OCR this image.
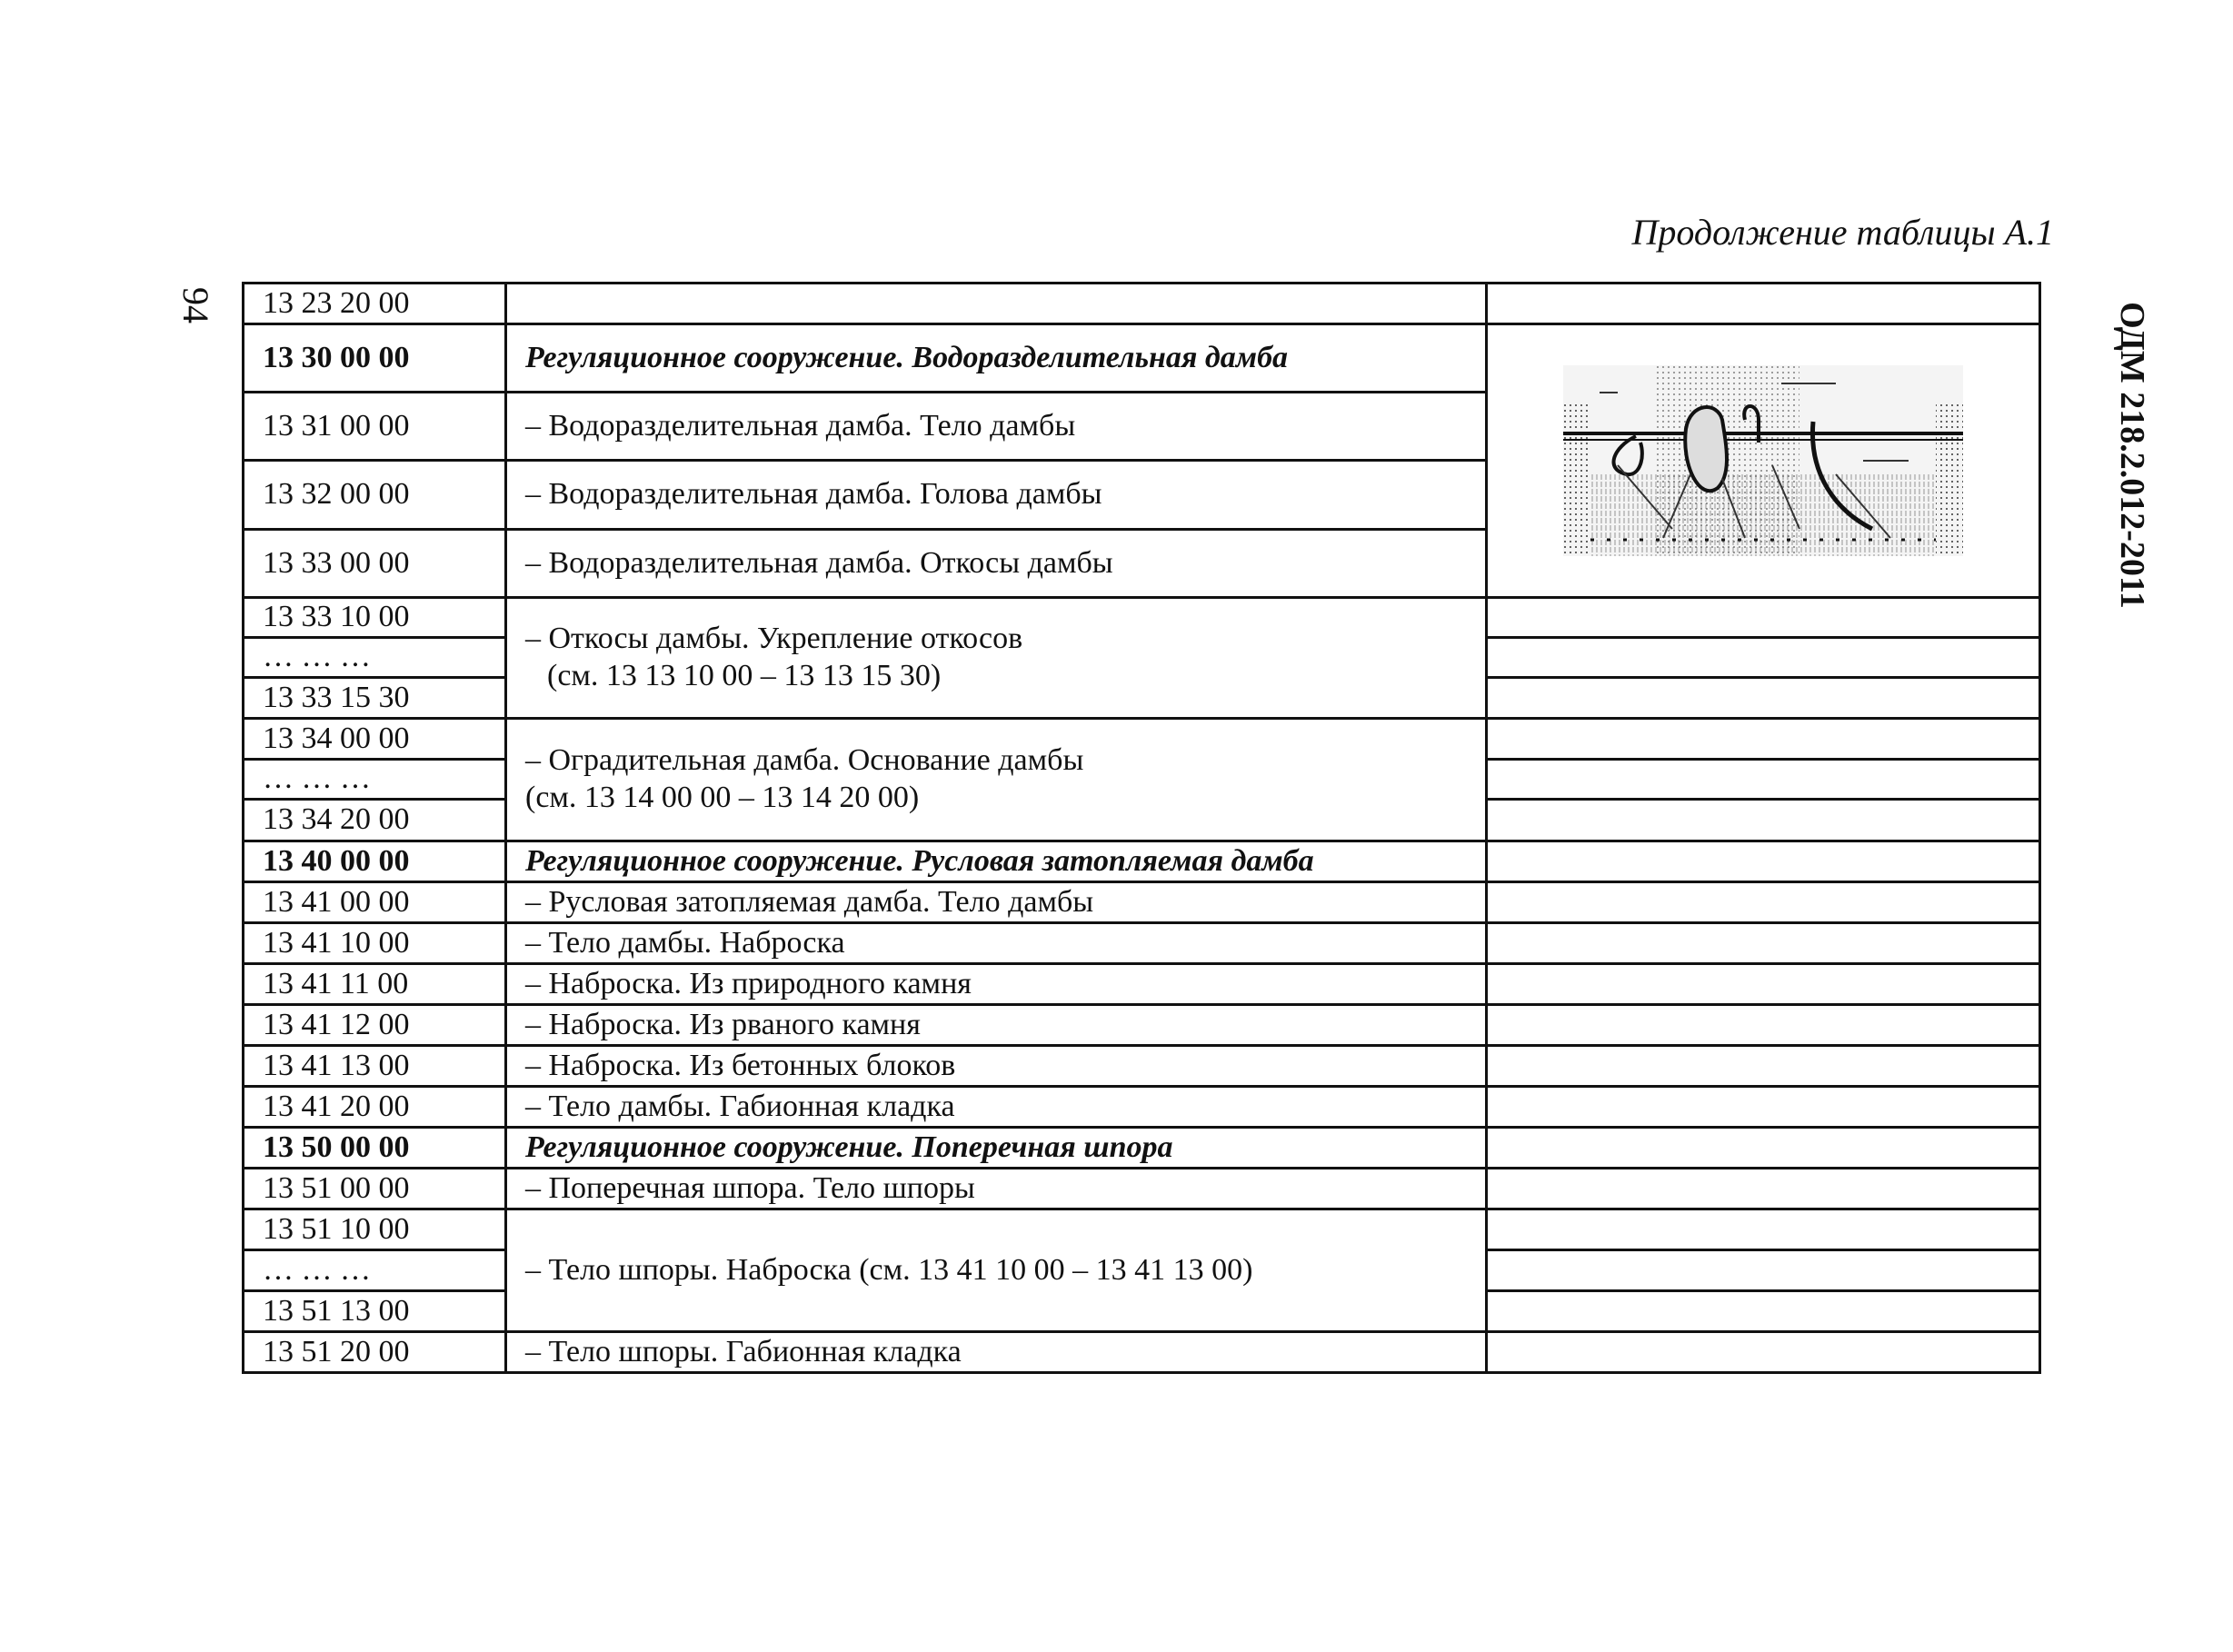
Продолжение таблицы А.1
94	ОДМ 218.2.012-2011
13 23 20 00
13 30 00 00
13 31 00 00
13 32 00 00
13 33 00 00
13 33 10 00
… … …
13 33 15 30
13 34 00 00
… … …
13 34 20 00
13 40 00 00
13 41 00 00
13 41 10 00
13 41 11 00
13 41 12 00
13 41 13 00
13 41 20 00
13 50 00 00
13 51 00 00
13 51 10 00
… … …
13 51 13 00
13 51 20 00
Регуляционное сооружение. Водоразделительная дамба
– Водоразделительная дамба. Тело дамбы
– Водоразделительная дамба. Голова дамбы
– Водоразделительная дамба. Откосы дамбы
– Откосы дамбы. Укрепление откосов
(см. 13 13 10 00 – 13 13 15 30)
– Оградительная дамба. Основание дамбы
(см. 13 14 00 00 – 13 14 20 00)
Регуляционное сооружение. Русловая затопляемая дамба
– Русловая затопляемая дамба. Тело дамбы
– Тело дамбы. Наброска
– Наброска. Из природного камня
– Наброска. Из рваного камня
– Наброска. Из бетонных блоков
– Тело дамбы. Габионная кладка
Регуляционное сооружение. Поперечная шпора
– Поперечная шпора. Тело шпоры
– Тело шпоры. Наброска (см. 13 41 10 00 – 13 41 13 00)
– Тело шпоры. Габионная кладка
